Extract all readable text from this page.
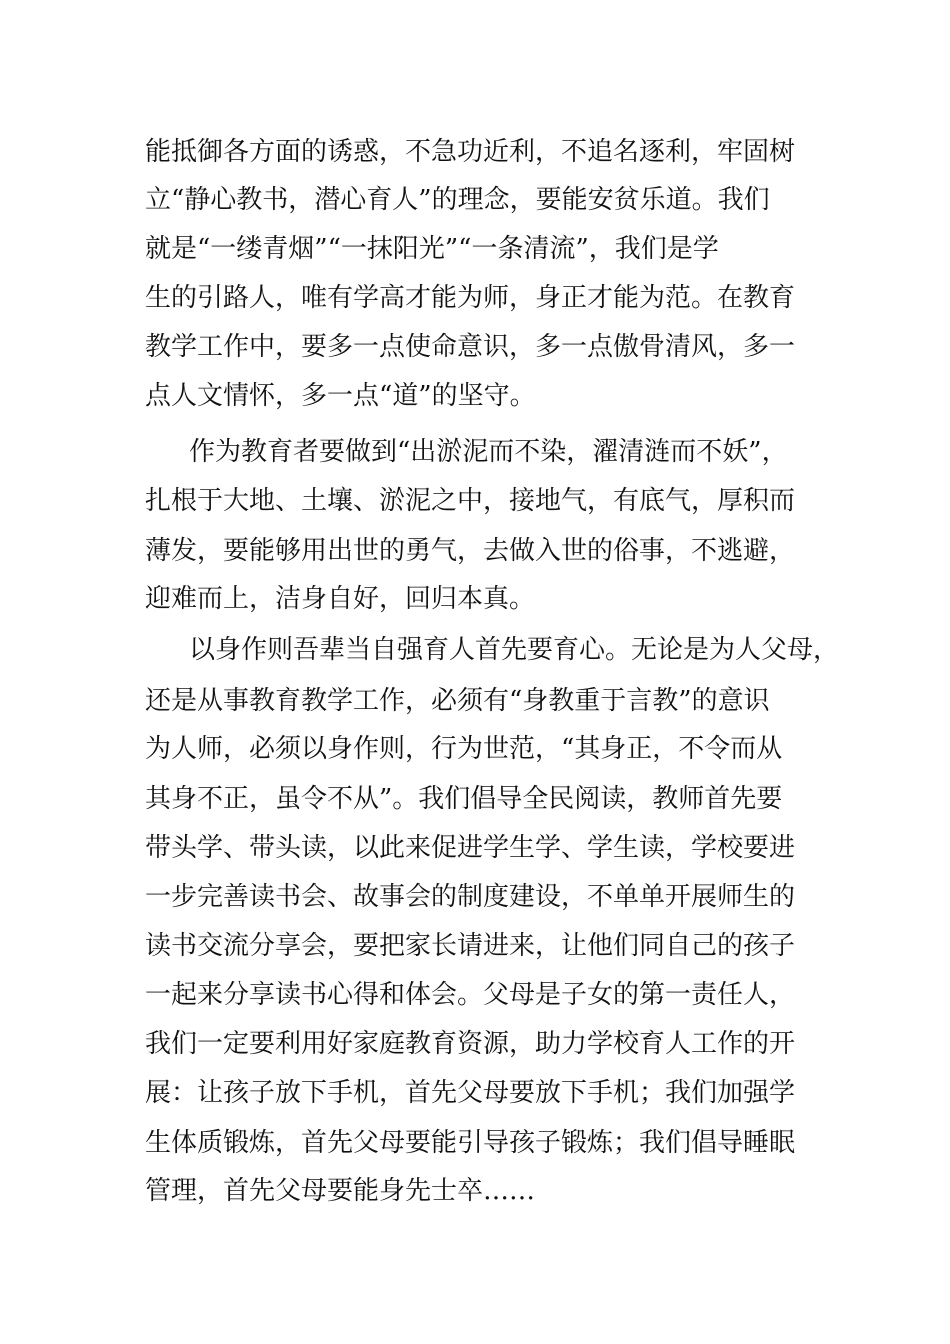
能抵御各方面的诱惑，不急功近利，不追名逐利，牢固树

立“静心教书，潜心育人”的理念，要能安贫乐道。我们

就是“一缕青烟”“一抹阳光”“一条清流”，我们是学

生的引路人，唯有学高才能为师，身正才能为范。在教育

教学工作中，要多一点使命意识，多一点傲骨清风，多一

点人文情怀，多一点“道”的坚守。

作为教育者要做到“出淤泥而不染，濯清涟而不妖”，

扎根于大地、土壤、淤泥之中，接地气，有底气，厚积而

薄发，要能够用出世的勇气，去做入世的俗事，不逃避，

迎难而上，洁身自好，回归本真。

以身作则吾辈当自强育人首先要育心。无论是为人父母，

还是从事教育教学工作，必须有“身教重于言教”的意识

为人师，必须以身作则，行为世范，“其身正，不令而从

其身不正，虽令不从”。我们倡导全民阅读，教师首先要

带头学、带头读，以此来促进学生学、学生读，学校要进

一步完善读书会、故事会的制度建设，不单单开展师生的

读书交流分享会，要把家长请进来，让他们同自己的孩子

一起来分享读书心得和体会。父母是子女的第一责任人，

我们一定要利用好家庭教育资源，助力学校育人工作的开

展：让孩子放下手机，首先父母要放下手机；我们加强学

生体质锻炼，首先父母要能引导孩子锻炼；我们倡导睡眠

管理，首先父母要能身先士卒……
